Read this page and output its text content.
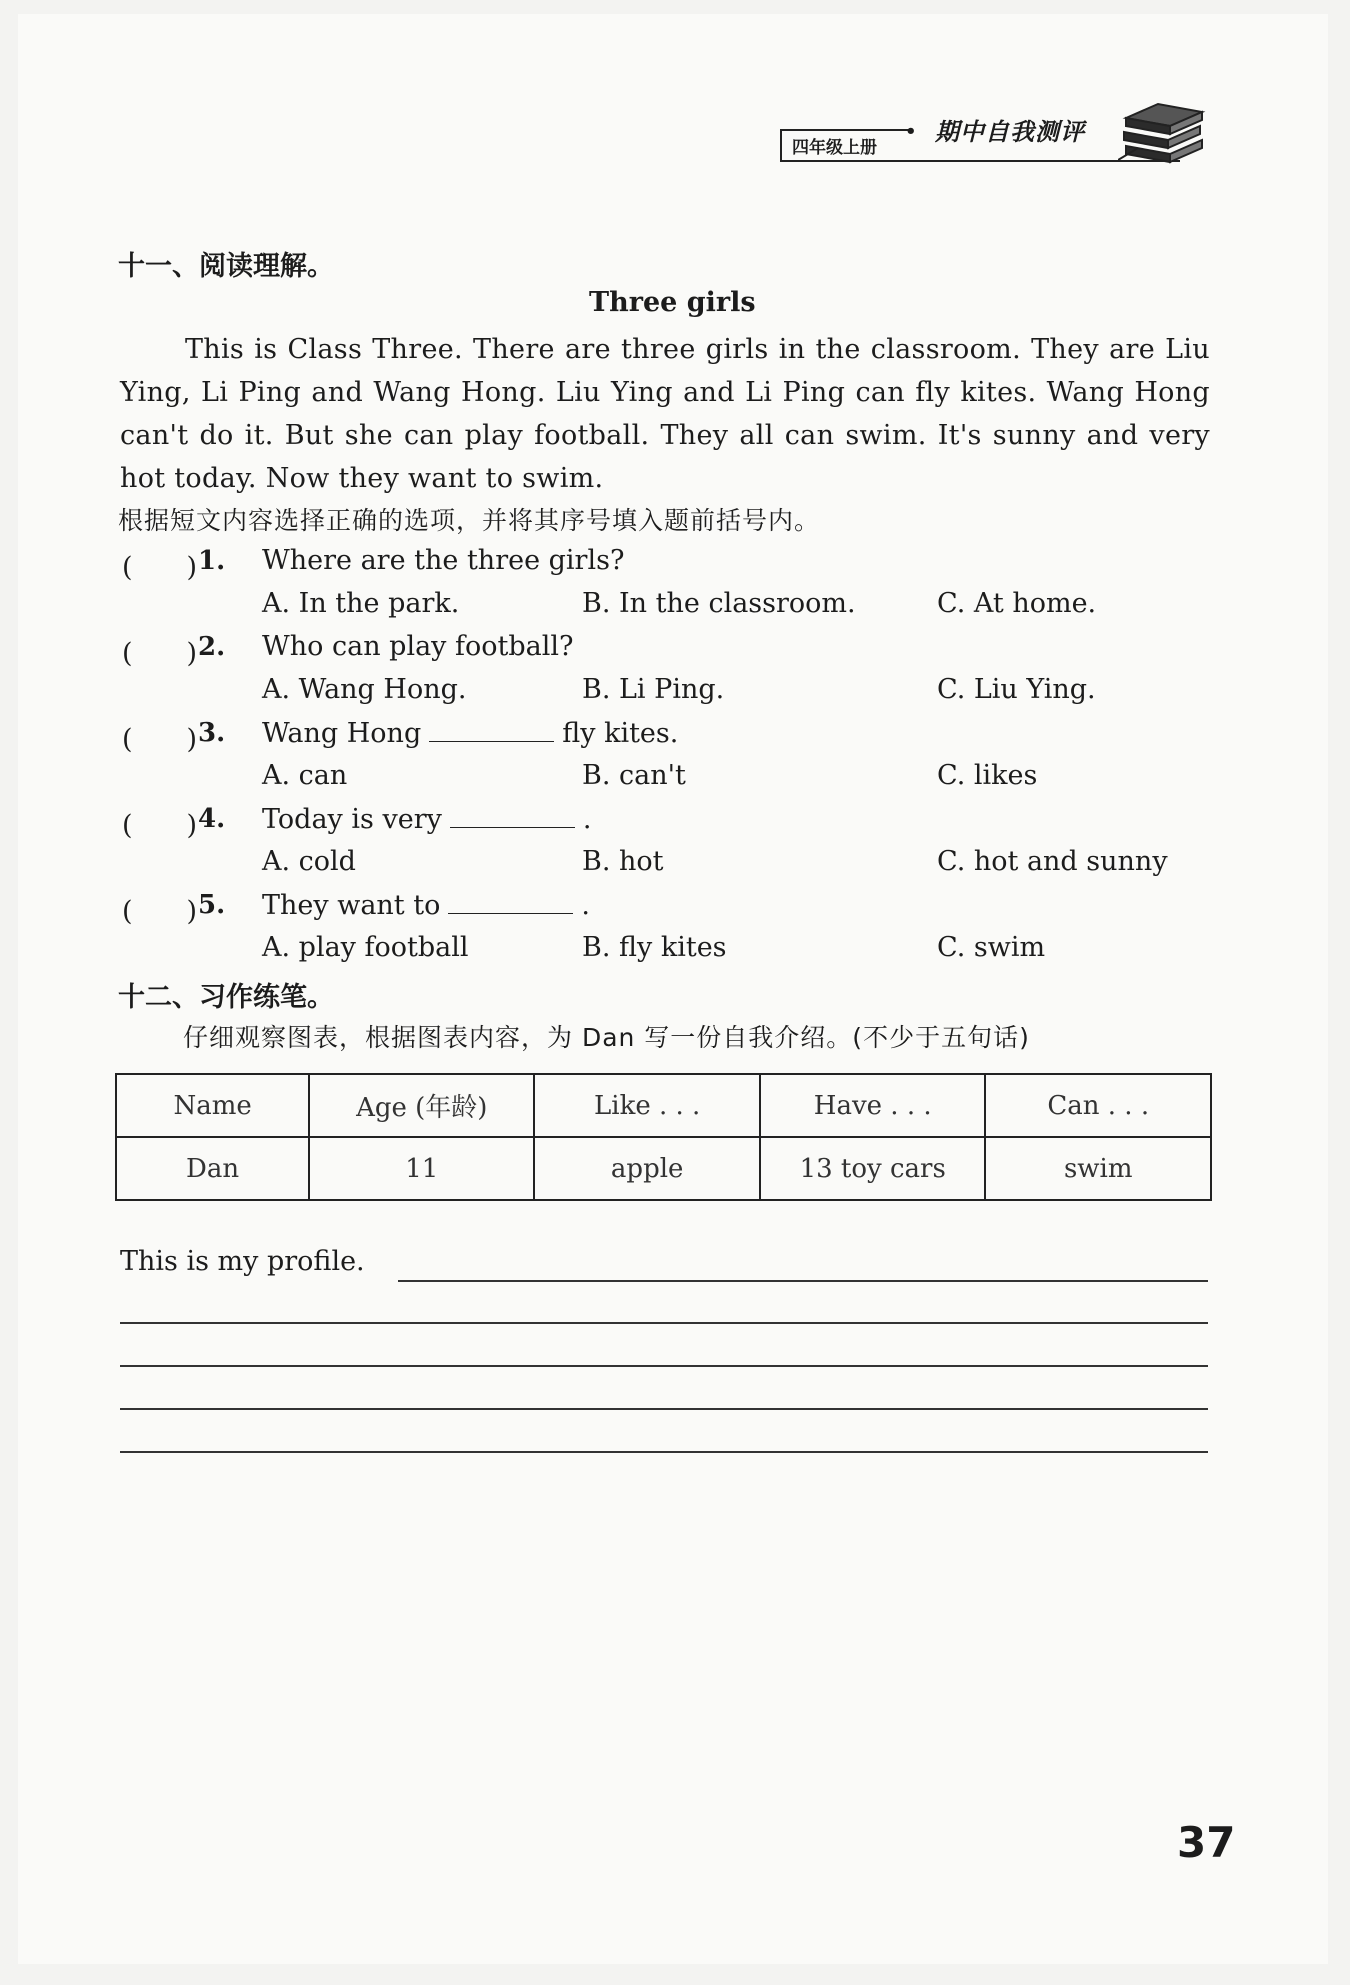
•
四年级上册
期中自我测评
十一、阅读理解。
Three girls
This is Class Three. There are three girls in the classroom. They are Liu Ying, Li Ping and Wang Hong. Liu Ying and Li Ping can fly kites. Wang Hong can't do it. But she can play football. They all can swim. It's sunny and very hot today. Now they want to swim.
根据短文内容选择正确的选项，并将其序号填入题前括号内。
(　　) 1. Where are the three girls?
A. In the park.	B. In the classroom.	C. At home.
(　　) 2. Who can play football?
A. Wang Hong.	B. Li Ping.	C. Liu Ying.
(　　) 3. Wang Hong	fly kites.
A. can	B. can't	C. likes
(　　) 4. Today is very	.
A. cold	B. hot	C. hot and sunny
(　　) 5. They want to	.
A. play football	B. fly kites	C. swim
十二、习作练笔。
仔细观察图表，根据图表内容，为 Dan 写一份自我介绍。(不少于五句话)
Name	Age (年龄)	Like . . .	Have . . .	Can . . .
Dan	11	apple	13 toy cars	swim
This is my profile.
37
